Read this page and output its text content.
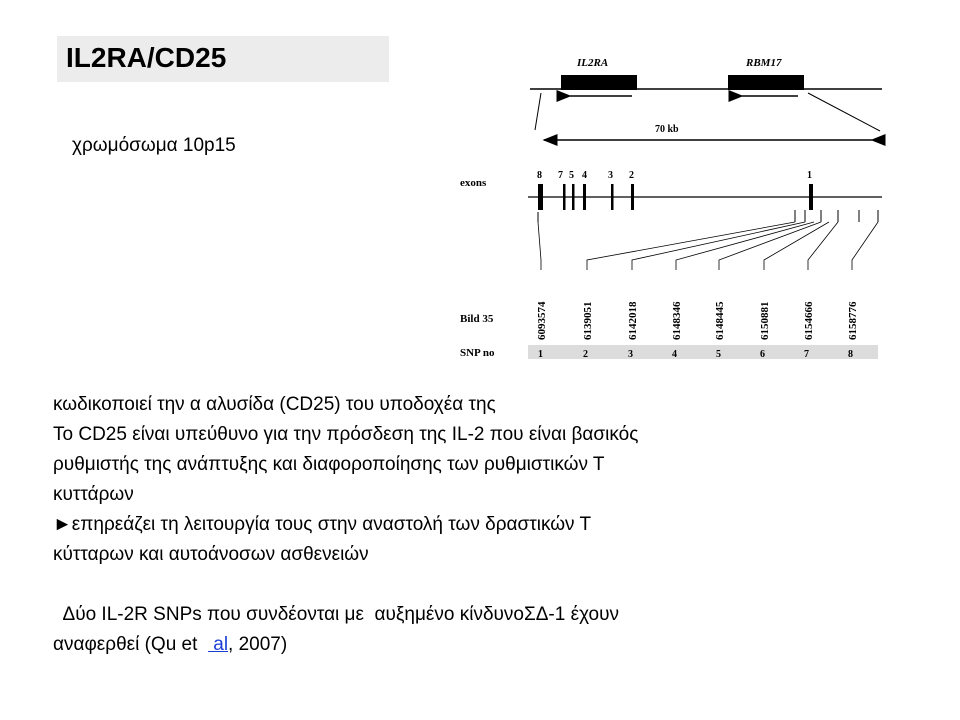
IL2RA/CD25
χρωμόσωμα 10p15
IL2RA	RBM17
70 kb
exons
8 7 5 4 3 2	1
6093574	6139051	6142018	6148346	6148445	6150881	6154666	6158776
Bild 35
SNP no	1	2	3	4	5	6	7	8

κωδικοποιεί την α αλυσίδα (CD25) του υποδοχέα της

Το CD25 είναι υπεύθυνο για την πρόσδεση της IL-2 που είναι βασικός

ρυθμιστής της ανάπτυξης και διαφοροποίησης των ρυθμιστικών Τ

κυττάρων

►επηρεάζει τη λειτουργία τους στην αναστολή των δραστικών Τ

κύτταρων και αυτοάνοσων ασθενειών

Δύο IL-2R SNPs που συνδέονται με  αυξημένο κίνδυνοΣΔ-1 έχουν

αναφερθεί (Qu et   al, 2007)
